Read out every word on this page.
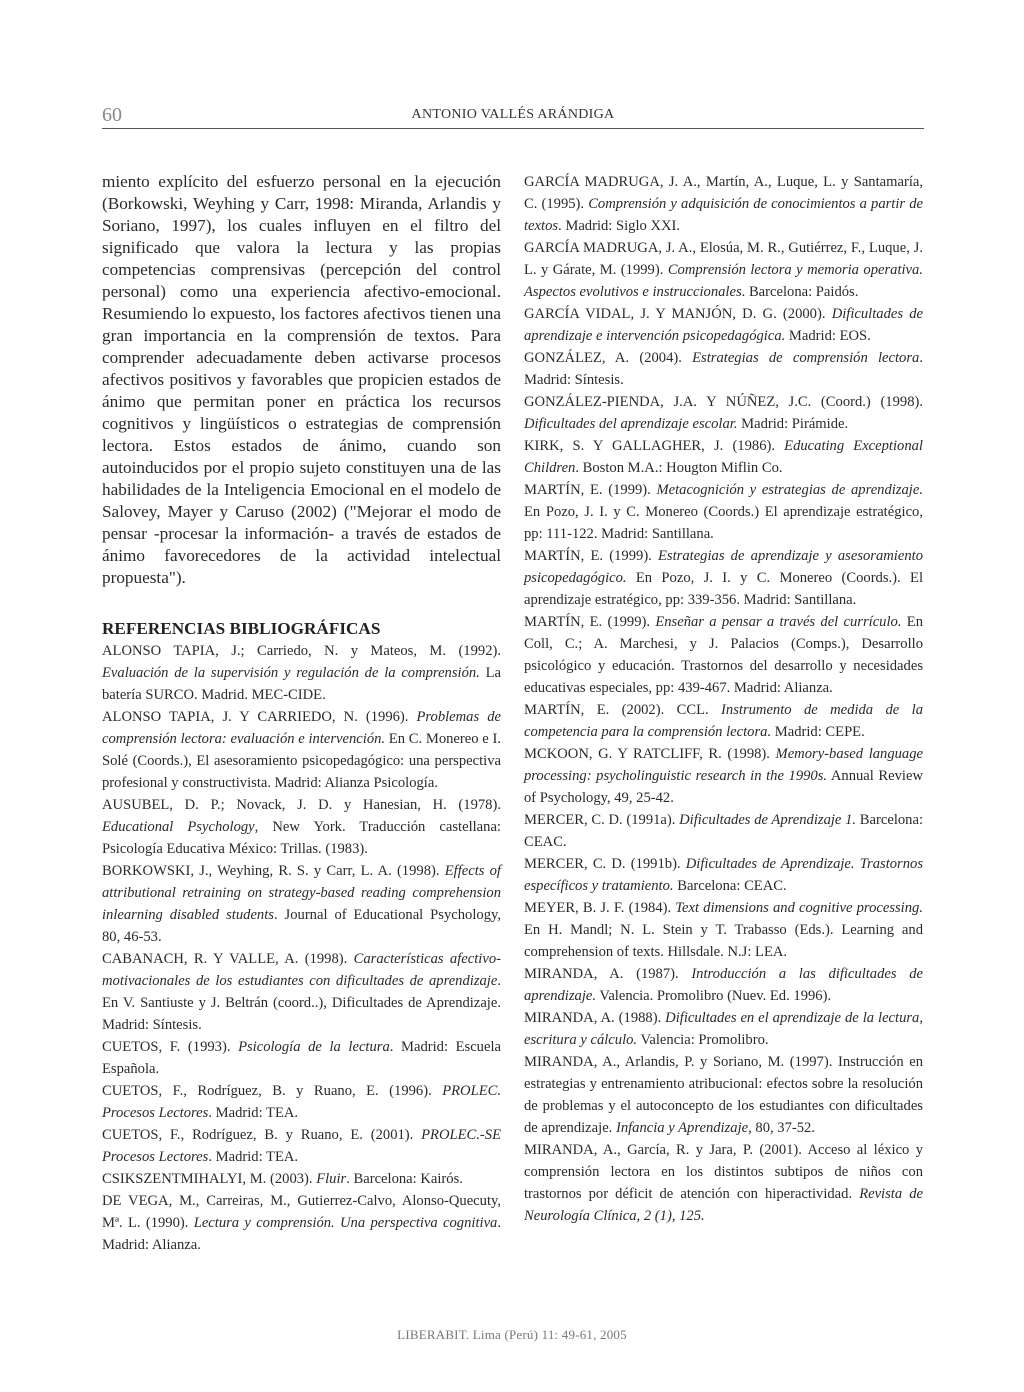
60	ANTONIO VALLÉS ARÁNDIGA

miento explícito del esfuerzo personal en la ejecución (Borkowski, Weyhing y Carr, 1998: Miranda, Arlandis y Soriano, 1997), los cuales influyen en el filtro del significado que valora la lectura y las propias competencias comprensivas (percepción del control personal) como una experiencia afectivo-emocional. Resumiendo lo expuesto, los factores afectivos tienen una gran importancia en la comprensión de textos. Para comprender adecuadamente deben activarse procesos afectivos positivos y favorables que propicien estados de ánimo que permitan poner en práctica los recursos cognitivos y lingüísticos o estrategias de comprensión lectora. Estos estados de ánimo, cuando son autoinducidos por el propio sujeto constituyen una de las habilidades de la Inteligencia Emocional en el modelo de Salovey, Mayer y Caruso (2002) ("Mejorar el modo de pensar -procesar la información- a través de estados de ánimo favorecedores de la actividad intelectual propuesta").

REFERENCIAS BIBLIOGRÁFICAS

ALONSO TAPIA, J.; Carriedo, N. y Mateos, M. (1992). Evaluación de la supervisión y regulación de la comprensión. La batería SURCO. Madrid. MEC-CIDE.

ALONSO TAPIA, J. Y CARRIEDO, N. (1996). Problemas de comprensión lectora: evaluación e intervención. En C. Monereo e I. Solé (Coords.), El asesoramiento psicopedagógico: una perspectiva profesional y constructivista. Madrid: Alianza Psicología.

AUSUBEL, D. P.; Novack, J. D. y Hanesian, H. (1978). Educational Psychology, New York. Traducción castellana: Psicología Educativa México: Trillas. (1983).

BORKOWSKI, J., Weyhing, R. S. y Carr, L. A. (1998). Effects of attributional retraining on strategy-based reading comprehension inlearning disabled students. Journal of Educational Psychology, 80, 46-53.

CABANACH, R. Y VALLE, A. (1998). Características afectivo-motivacionales de los estudiantes con dificultades de aprendizaje. En V. Santiuste y J. Beltrán (coord..), Dificultades de Aprendizaje. Madrid: Síntesis.

CUETOS, F. (1993). Psicología de la lectura. Madrid: Escuela Española.

CUETOS, F., Rodríguez, B. y Ruano, E. (1996). PROLEC. Procesos Lectores. Madrid: TEA.

CUETOS, F., Rodríguez, B. y Ruano, E. (2001). PROLEC.-SE Procesos Lectores. Madrid: TEA.

CSIKSZENTMIHALYI, M. (2003). Fluir. Barcelona: Kairós.

DE VEGA, M., Carreiras, M., Gutierrez-Calvo, Alonso-Quecuty, Mª. L. (1990). Lectura y comprensión. Una perspectiva cognitiva. Madrid: Alianza.

GARCÍA MADRUGA, J. A., Martín, A., Luque, L. y Santamaría, C. (1995). Comprensión y adquisición de conocimientos a partir de textos. Madrid: Siglo XXI.

GARCÍA MADRUGA, J. A., Elosúa, M. R., Gutiérrez, F., Luque, J. L. y Gárate, M. (1999). Comprensión lectora y memoria operativa. Aspectos evolutivos e instruccionales. Barcelona: Paidós.

GARCÍA VIDAL, J. Y MANJÓN, D. G. (2000). Dificultades de aprendizaje e intervención psicopedagógica. Madrid: EOS.

GONZÁLEZ, A. (2004). Estrategias de comprensión lectora. Madrid: Síntesis.

GONZÁLEZ-PIENDA, J.A. Y NÚÑEZ, J.C. (Coord.) (1998). Dificultades del aprendizaje escolar. Madrid: Pirámide.

KIRK, S. Y GALLAGHER, J. (1986). Educating Exceptional Children. Boston M.A.: Hougton Miflin Co.

MARTÍN, E. (1999). Metacognición y estrategias de aprendizaje. En Pozo, J. I. y C. Monereo (Coords.) El aprendizaje estratégico, pp: 111-122. Madrid: Santillana.

MARTÍN, E. (1999). Estrategias de aprendizaje y asesoramiento psicopedagógico. En Pozo, J. I. y C. Monereo (Coords.). El aprendizaje estratégico, pp: 339-356. Madrid: Santillana.

MARTÍN, E. (1999). Enseñar a pensar a través del currículo. En Coll, C.; A. Marchesi, y J. Palacios (Comps.), Desarrollo psicológico y educación. Trastornos del desarrollo y necesidades educativas especiales, pp: 439-467. Madrid: Alianza.

MARTÍN, E. (2002). CCL. Instrumento de medida de la competencia para la comprensión lectora. Madrid: CEPE.

MCKOON, G. Y RATCLIFF, R. (1998). Memory-based language processing: psycholinguistic research in the 1990s. Annual Review of Psychology, 49, 25-42.

MERCER, C. D. (1991a). Dificultades de Aprendizaje 1. Barcelona: CEAC.

MERCER, C. D. (1991b). Dificultades de Aprendizaje. Trastornos específicos y tratamiento. Barcelona: CEAC.

MEYER, B. J. F. (1984). Text dimensions and cognitive processing. En H. Mandl; N. L. Stein y T. Trabasso (Eds.). Learning and comprehension of texts. Hillsdale. N.J: LEA.

MIRANDA, A. (1987). Introducción a las dificultades de aprendizaje. Valencia. Promolibro (Nuev. Ed. 1996).

MIRANDA, A. (1988). Dificultades en el aprendizaje de la lectura, escritura y cálculo. Valencia: Promolibro.

MIRANDA, A., Arlandis, P. y Soriano, M. (1997). Instrucción en estrategias y entrenamiento atribucional: efectos sobre la resolución de problemas y el autoconcepto de los estudiantes con dificultades de aprendizaje. Infancia y Aprendizaje, 80, 37-52.

MIRANDA, A., García, R. y Jara, P. (2001). Acceso al léxico y comprensión lectora en los distintos subtipos de niños con trastornos por déficit de atención con hiperactividad. Revista de Neurología Clínica, 2 (1), 125.

LIBERABIT. Lima (Perú) 11: 49-61, 2005
